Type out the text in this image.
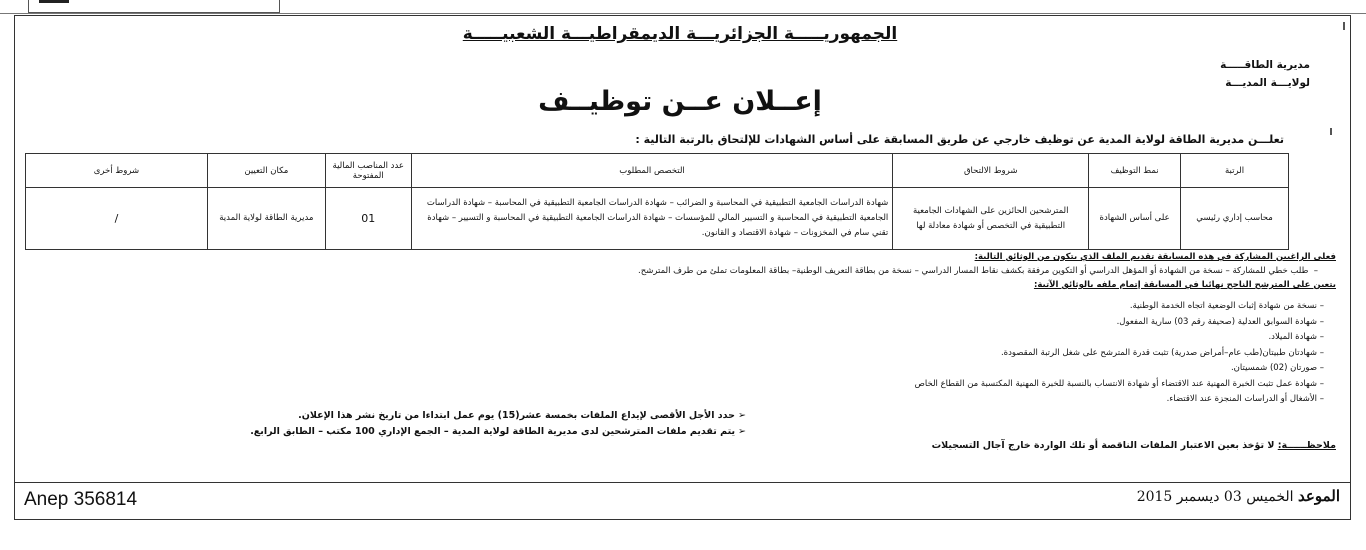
الجمهوريـــــة الجزائريـــة الديمقراطيـــة الشعبيـــــة
مديرية الطاقـــــة
لولايـــة المديـــة
إعــلان عــن توظيــف
تعلـــن مديرية الطاقة لولاية المدية عن توظيف خارجي عن طريق المسابقة على أساس الشهادات للإلتحاق بالرتبة التالية :
الرتبة	نمط التوظيف	شروط الالتحاق	التخصص المطلوب	عدد المناصب المالية المفتوحة	مكان التعيين	شروط أخرى
محاسب إداري رئيسي	على أساس الشهادة	المترشحين الحائزين على الشهادات الجامعية التطبيقية في التخصص أو شهادة معادلة لها	شهادة الدراسات الجامعية التطبيقية في المحاسبة و الضرائب – شهادة الدراسات الجامعية التطبيقية في المحاسبة – شهادة الدراسات الجامعية التطبيقية في المحاسبة و التسيير المالي للمؤسسات – شهادة الدراسات الجامعية التطبيقية في المحاسبة و التسيير – شهادة تقني سام في المخزونات – شهادة الاقتصاد و القانون.	01	مديرية الطاقة لولاية المدية	/
فعلى الراغبين المشاركة في هذه المسابقة تقديم الملف الذي يتكون من الوثائق التالية:
–  طلب خطي للمشاركة – نسخة من الشهادة أو المؤهل الدراسي أو التكوين مرفقة بكشف نقاط المسار الدراسي – نسخة من بطاقة التعريف الوطنية– بطاقة المعلومات تملئ من طرف المترشح.
يتعين على المترشح الناجح نهائيا في المسابقة إتمام ملفه بالوثائق الآتية:
– نسخة من شهادة إثبات الوضعية اتجاه الخدمة الوطنية.
– شهادة السوابق العدلية (صحيفة رقم 03) سارية المفعول.
– شهادة الميلاد.
– شهادتان طبيتان(طب عام–أمراض صدرية) تثبت قدرة المترشح على شغل الرتبة المقصودة.
– صورتان (02) شمسيتان.
– شهادة عمل تثبت الخبرة المهنية عند الاقتضاء أو شهادة الانتساب بالنسبة للخبرة المهنية المكتسبة من القطاع الخاص
– الأشغال أو الدراسات المنجزة عند الاقتضاء.
➢ حدد الأجل الأقصى لإيداع الملفات بخمسة عشر(15) يوم عمل ابتداءا من تاريخ نشر هذا الإعلان.
➢ يتم تقديم ملفات المترشحين لدى مديرية الطاقة لولاية المدية – الجمع الإداري 100 مكتب – الطابق الرابع.
ملاحظــــــة: لا تؤخذ بعين الاعتبار الملفات الناقصة أو تلك الواردة خارج آجال التسجيلات
Anep 356814	الموعد الخميس 03 ديسمبر 2015
